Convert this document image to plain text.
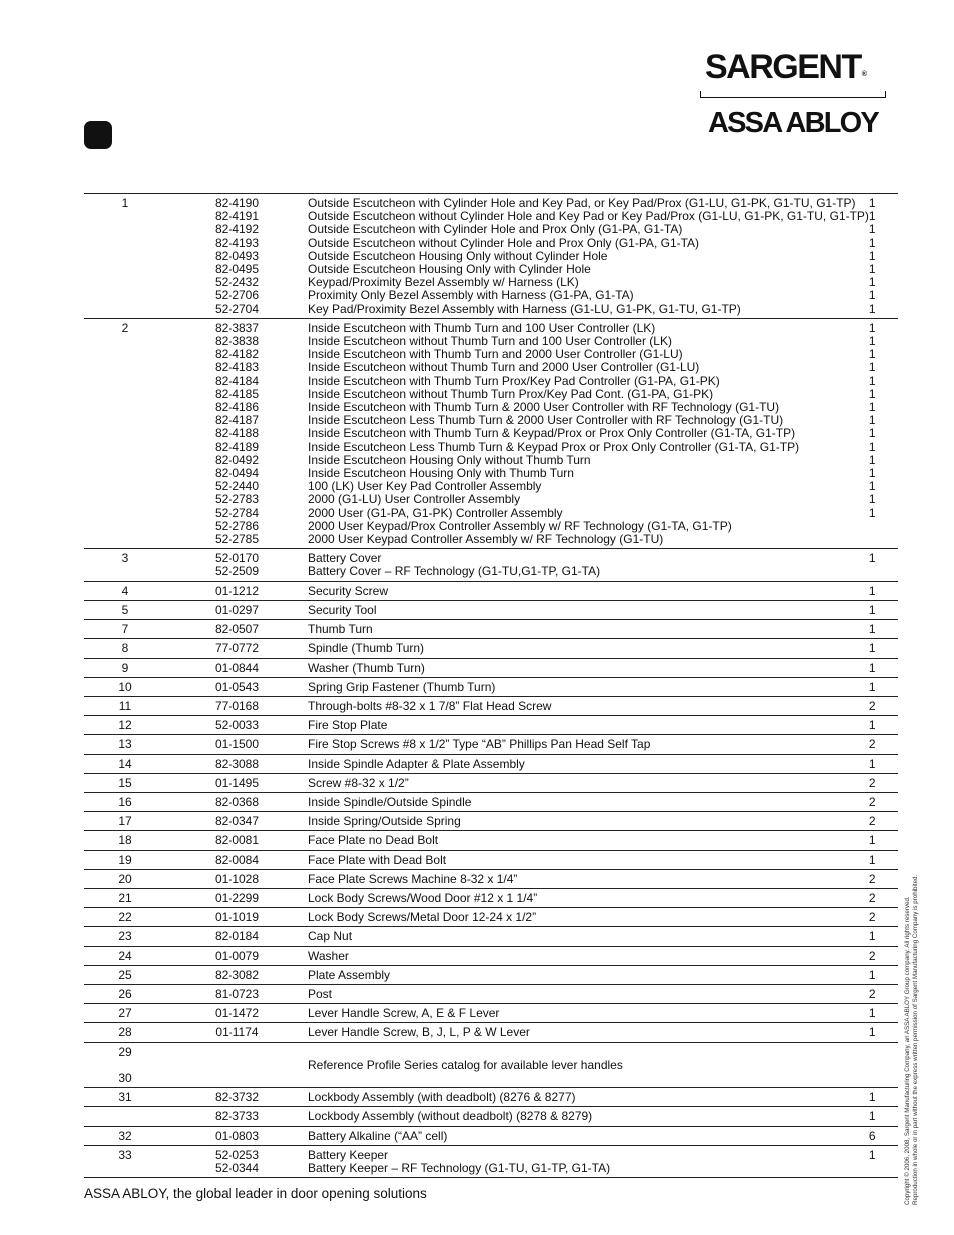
SARGENT®
ASSA ABLOY
1	82-4190	Outside Escutcheon with Cylinder Hole and Key Pad, or Key Pad/Prox (G1-LU, G1-PK, G1-TU, G1-TP)	1
	82-4191	Outside Escutcheon without Cylinder Hole and Key Pad or Key Pad/Prox (G1-LU, G1-PK, G1-TU, G1-TP)	1
	82-4192	Outside Escutcheon with Cylinder Hole and Prox Only (G1-PA, G1-TA)	1
	82-4193	Outside Escutcheon without Cylinder Hole and Prox Only (G1-PA, G1-TA)	1
	82-0493	Outside Escutcheon Housing Only without Cylinder Hole	1
	82-0495	Outside Escutcheon Housing Only with Cylinder Hole	1
	52-2432	Keypad/Proximity Bezel Assembly w/ Harness (LK)	1
	52-2706	Proximity Only Bezel Assembly with Harness (G1-PA, G1-TA)	1
	52-2704	Key Pad/Proximity Bezel Assembly with Harness (G1-LU, G1-PK, G1-TU, G1-TP)	1
2	82-3837	Inside Escutcheon with Thumb Turn and 100 User Controller (LK)	1
	82-3838	Inside Escutcheon without Thumb Turn and 100 User Controller (LK)	1
	82-4182	Inside Escutcheon with Thumb Turn and 2000 User Controller (G1-LU)	1
	82-4183	Inside Escutcheon without Thumb Turn and 2000 User Controller (G1-LU)	1
	82-4184	Inside Escutcheon with Thumb Turn Prox/Key Pad Controller (G1-PA, G1-PK)	1
	82-4185	Inside Escutcheon without Thumb Turn Prox/Key Pad Cont. (G1-PA, G1-PK)	1
	82-4186	Inside Escutcheon with Thumb Turn & 2000 User Controller with RF Technology (G1-TU)	1
	82-4187	Inside Escutcheon Less Thumb Turn & 2000 User Controller with RF Technology (G1-TU)	1
	82-4188	Inside Escutcheon with Thumb Turn & Keypad/Prox or Prox Only Controller (G1-TA, G1-TP)	1
	82-4189	Inside Escutcheon Less Thumb Turn & Keypad Prox or Prox Only Controller (G1-TA, G1-TP)	1
	82-0492	Inside Escutcheon Housing Only without Thumb Turn	1
	82-0494	Inside Escutcheon Housing Only with Thumb Turn	1
	52-2440	100 (LK) User Key Pad Controller Assembly	1
	52-2783	2000 (G1-LU) User Controller Assembly	1
	52-2784	2000 User (G1-PA, G1-PK) Controller Assembly	1
	52-2786	2000 User Keypad/Prox Controller Assembly w/ RF Technology (G1-TA, G1-TP)	
	52-2785	2000 User Keypad Controller Assembly w/ RF Technology (G1-TU)	
3	52-0170	Battery Cover	1
	52-2509	Battery Cover – RF Technology (G1-TU,G1-TP, G1-TA)	
4	01-1212	Security Screw	1
5	01-0297	Security Tool	1
7	82-0507	Thumb Turn	1
8	77-0772	Spindle (Thumb Turn)	1
9	01-0844	Washer (Thumb Turn)	1
10	01-0543	Spring Grip Fastener (Thumb Turn)	1
11	77-0168	Through-bolts #8-32 x 1 7/8” Flat Head Screw	2
12	52-0033	Fire Stop Plate	1
13	01-1500	Fire Stop Screws #8 x 1/2” Type “AB” Phillips Pan Head Self Tap	2
14	82-3088	Inside Spindle Adapter & Plate Assembly	1
15	01-1495	Screw #8-32 x 1/2”	2
16	82-0368	Inside Spindle/Outside Spindle	2
17	82-0347	Inside Spring/Outside Spring	2
18	82-0081	Face Plate no Dead Bolt	1
19	82-0084	Face Plate with Dead Bolt	1
20	01-1028	Face Plate Screws Machine 8-32 x 1/4”	2
21	01-2299	Lock Body Screws/Wood Door #12 x 1 1/4”	2
22	01-1019	Lock Body Screws/Metal Door 12-24 x 1/2”	2
23	82-0184	Cap Nut	1
24	01-0079	Washer	2
25	82-3082	Plate Assembly	1
26	81-0723	Post	2
27	01-1472	Lever Handle Screw, A, E & F Lever	1
28	01-1174	Lever Handle Screw, B, J, L, P & W Lever	1
29			
		Reference Profile Series catalog for available lever handles	
30			
31	82-3732	Lockbody Assembly (with deadbolt) (8276 & 8277)	1
	82-3733	Lockbody Assembly (without deadbolt) (8278 & 8279)	1
32	01-0803	Battery Alkaline (“AA” cell)	6
33	52-0253	Battery Keeper	1
	52-0344	Battery Keeper – RF Technology (G1-TU, G1-TP, G1-TA)	
ASSA ABLOY, the global leader in door opening solutions	Copyright © 2006, 2008, Sargent Manufacturing Company, an ASSA ABLOY Group company. All rights reserved. Reproduction in whole or in part without the express written permission of Sargent Manufacturing Company is prohibited.
